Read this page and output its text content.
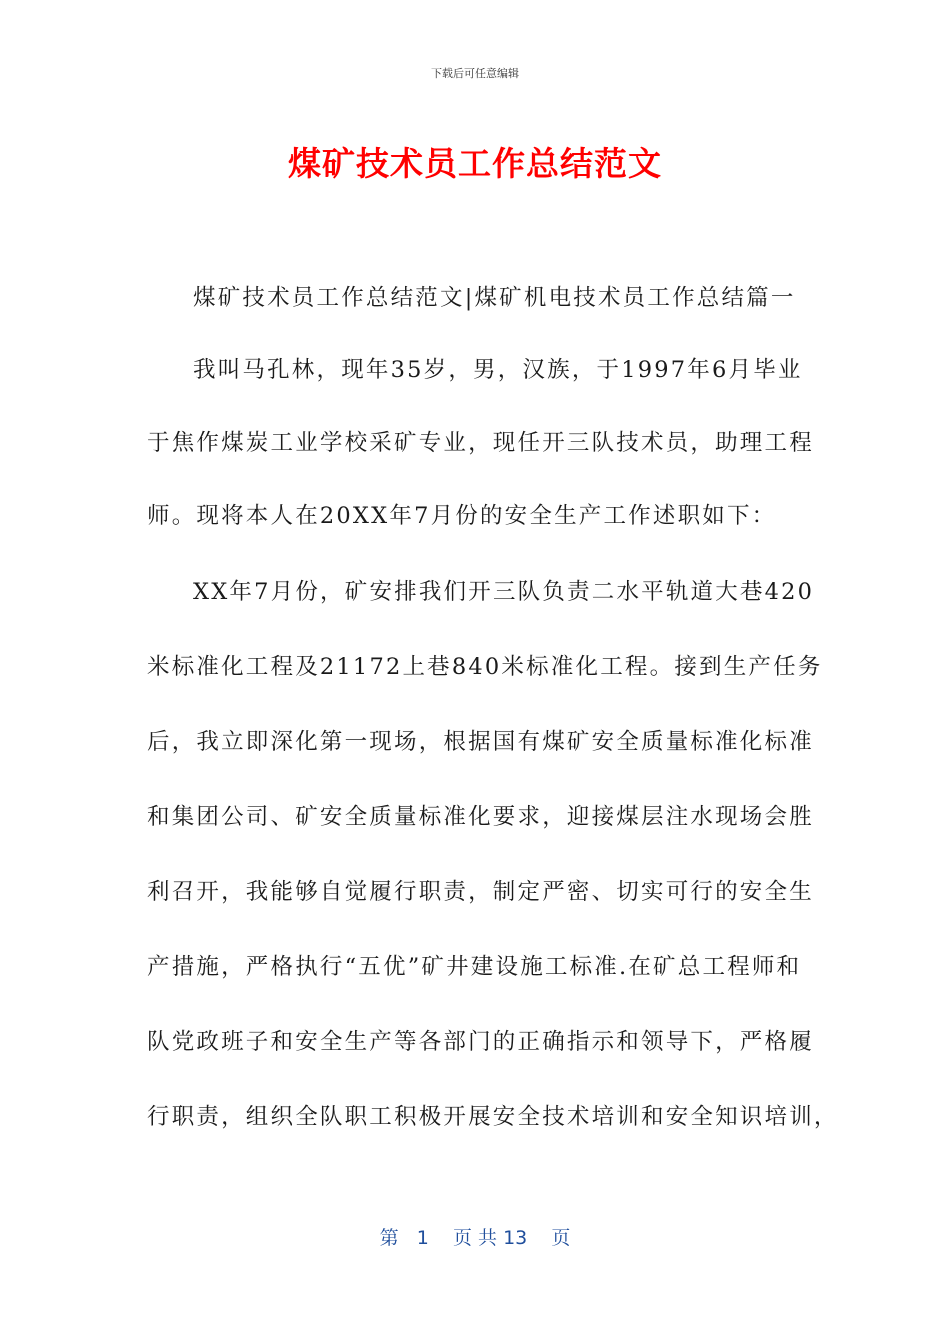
下载后可任意编辑
煤矿技术员工作总结范文
煤矿技术员工作总结范文|煤矿机电技术员工作总结篇一
我叫马孔林，现年35岁，男，汉族，于1997年6月毕业
于焦作煤炭工业学校采矿专业，现任开三队技术员，助理工程
师。现将本人在20XX年7月份的安全生产工作述职如下：
XX年7月份，矿安排我们开三队负责二水平轨道大巷420
米标准化工程及21172上巷840米标准化工程。接到生产任务
后，我立即深化第一现场，根据国有煤矿安全质量标准化标准
和集团公司、矿安全质量标准化要求，迎接煤层注水现场会胜
利召开，我能够自觉履行职责，制定严密、切实可行的安全生
产措施，严格执行“五优”矿井建设施工标准.在矿总工程师和
队党政班子和安全生产等各部门的正确指示和领导下，严格履
行职责，组织全队职工积极开展安全技术培训和安全知识培训，
第 1 页 共 13 页
